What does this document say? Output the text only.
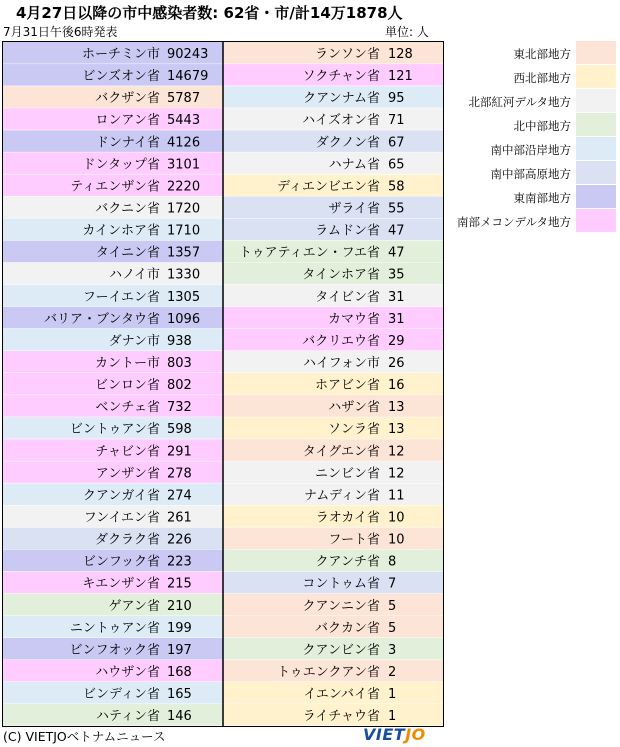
4月27日以降の市中感染者数: 62省・市/計14万1878人
7月31日午後6時発表	単位: 人
ホーチミン市 90243
ビンズオン省 14679
バクザン省 5787
ロンアン省 5443
ドンナイ省 4126
ドンタップ省 3101
ティエンザン省 2220
バクニン省 1720
カインホア省 1710
タイニン省 1357
ハノイ市 1330
フーイエン省 1305
バリア・ブンタウ省 1096
ダナン市 938
カントー市 803
ビンロン省 802
ベンチェ省 732
ビントゥアン省 598
チャビン省 291
アンザン省 278
クアンガイ省 274
フンイエン省 261
ダクラク省 226
ビンフック省 223
キエンザン省 215
ゲアン省 210
ニントゥアン省 199
ビンフオック省 197
ハウザン省 168
ビンディン省 165
ハティン省 146
ランソン省 128
ソクチャン省 121
クアンナム省 95
ハイズオン省 71
ダクノン省 67
ハナム省 65
ディエンビエン省 58
ザライ省 55
ラムドン省 47
トゥアティエン・フエ省 47
タインホア省 35
タイビン省 31
カマウ省 31
バクリエウ省 29
ハイフォン市 26
ホアビン省 16
ハザン省 13
ソンラ省 13
タイグエン省 12
ニンビン省 12
ナムディン省 11
ラオカイ省 10
フート省 10
クアンチ省 8
コントゥム省 7
クアンニン省 5
バクカン省 5
クアンビン省 3
トゥエンクアン省 2
イエンバイ省 1
ライチャウ省 1
東北部地方
西北部地方
北部紅河デルタ地方
北中部地方
南中部沿岸地方
南中部高原地方
東南部地方
南部メコンデルタ地方
(C) VIETJOベトナムニュース	VIETJO
